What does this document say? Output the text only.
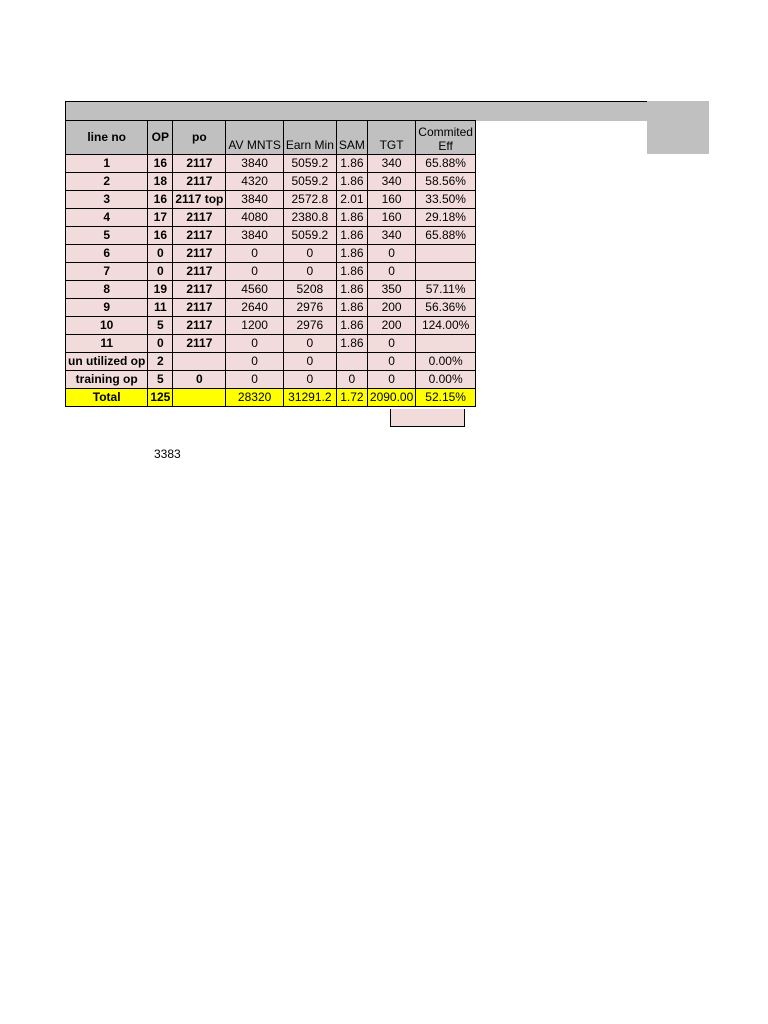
line no	OP	po	AV MNTS	Earn Min	SAM	TGT	Commited Eff
1	16	2117	3840	5059.2	1.86	340	65.88%
2	18	2117	4320	5059.2	1.86	340	58.56%
3	16	2117 top	3840	2572.8	2.01	160	33.50%
4	17	2117	4080	2380.8	1.86	160	29.18%
5	16	2117	3840	5059.2	1.86	340	65.88%
6	0	2117	0	0	1.86	0	
7	0	2117	0	0	1.86	0	
8	19	2117	4560	5208	1.86	350	57.11%
9	11	2117	2640	2976	1.86	200	56.36%
10	5	2117	1200	2976	1.86	200	124.00%
11	0	2117	0	0	1.86	0	
un utilized op	2		0	0		0	0.00%
training op	5	0	0	0	0	0	0.00%
Total	125		28320	31291.2	1.72	2090.00	52.15%
3383
